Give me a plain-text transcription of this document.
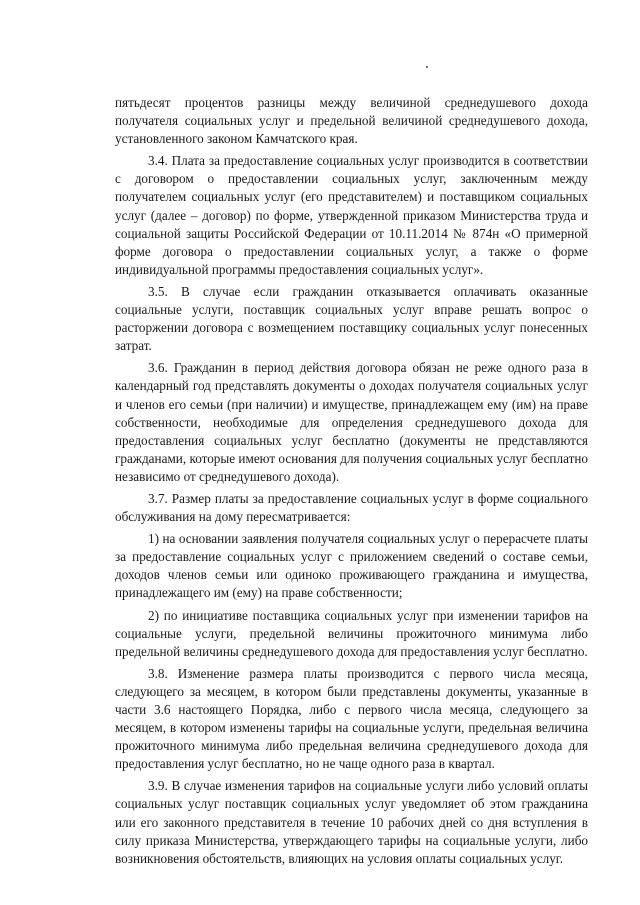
пятьдесят процентов разницы между величиной среднедушевого дохода получателя социальных услуг и предельной величиной среднедушевого дохода, установленного законом Камчатского края.

3.4. Плата за предоставление социальных услуг производится в соответствии с договором о предоставлении социальных услуг, заключенным между получателем социальных услуг (его представителем) и поставщиком социальных услуг (далее – договор) по форме, утвержденной приказом Министерства труда и социальной защиты Российской Федерации от 10.11.2014 № 874н «О примерной форме договора о предоставлении социальных услуг, а также о форме индивидуальной программы предоставления социальных услуг».

3.5. В случае если гражданин отказывается оплачивать оказанные социальные услуги, поставщик социальных услуг вправе решать вопрос о расторжении договора с возмещением поставщику социальных услуг понесенных затрат.

3.6. Гражданин в период действия договора обязан не реже одного раза в календарный год представлять документы о доходах получателя социальных услуг и членов его семьи (при наличии) и имуществе, принадлежащем ему (им) на праве собственности, необходимые для определения среднедушевого дохода для предоставления социальных услуг бесплатно (документы не представляются гражданами, которые имеют основания для получения социальных услуг бесплатно независимо от среднедушевого дохода).

3.7. Размер платы за предоставление социальных услуг в форме социального обслуживания на дому пересматривается:

1) на основании заявления получателя социальных услуг о перерасчете платы за предоставление социальных услуг с приложением сведений о составе семьи, доходов членов семьи или одиноко проживающего гражданина и имущества, принадлежащего им (ему) на праве собственности;

2) по инициативе поставщика социальных услуг при изменении тарифов на социальные услуги, предельной величины прожиточного минимума либо предельной величины среднедушевого дохода для предоставления услуг бесплатно.

3.8. Изменение размера платы производится с первого числа месяца, следующего за месяцем, в котором были представлены документы, указанные в части 3.6 настоящего Порядка, либо с первого числа месяца, следующего за месяцем, в котором изменены тарифы на социальные услуги, предельная величина прожиточного минимума либо предельная величина среднедушевого дохода для предоставления услуг бесплатно, но не чаще одного раза в квартал.

3.9. В случае изменения тарифов на социальные услуги либо условий оплаты социальных услуг поставщик социальных услуг уведомляет об этом гражданина или его законного представителя в течение 10 рабочих дней со дня вступления в силу приказа Министерства, утверждающего тарифы на социальные услуги, либо возникновения обстоятельств, влияющих на условия оплаты социальных услуг.
